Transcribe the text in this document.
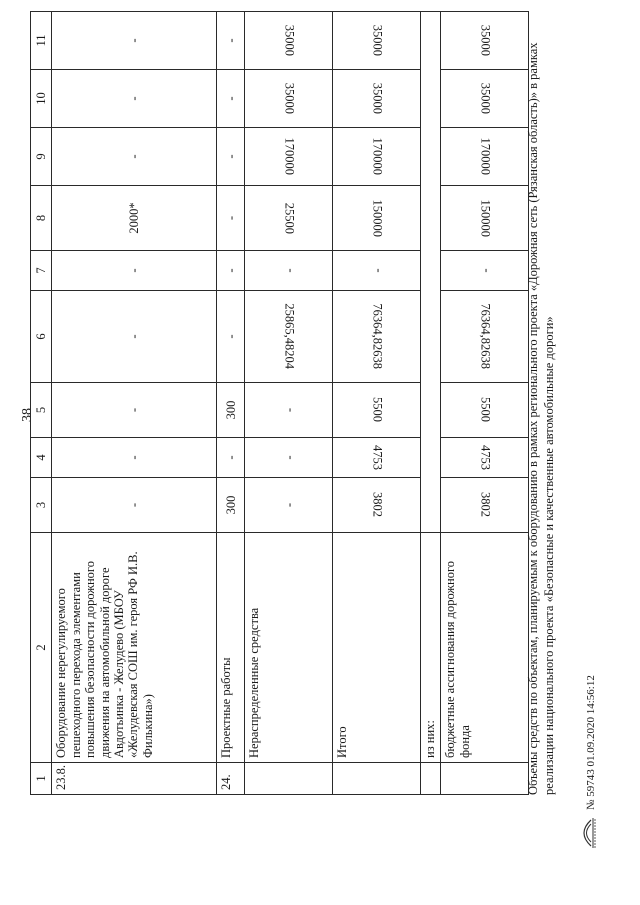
38
1	2	3	4	5	6	7	8	9	10	11
23.8.	Оборудование нерегулируемого пешеходного перехода элементами повышения безопасности дорожного движения на автомобильной дороге Авдотьинка - Желудево (МБОУ «Желудевская СОШ им. героя РФ И.В. Филькина»)	-	-	-	-	-	2000*	-	-	-
24.	Проектные работы	300	-	300	-	-	-	-	-	-
	Нераспределенные средства	-	-	-	25865,48204	-	25500	170000	35000	35000
	Итого	3802	4753	5500	76364,82638	-	150000	170000	35000	35000
	из них:									
	бюджетные ассигнования дорожного фонда	3802	4753	5500	76364,82638	-	150000	170000	35000	35000
Объемы средств по объектам, планируемым к оборудованию в рамках регионального проекта «Дорожная сеть (Рязанская область)» в рамках реализации национального проекта «Безопасные и качественные автомобильные дороги»	№ 59743 01.09.2020 14:56:12
